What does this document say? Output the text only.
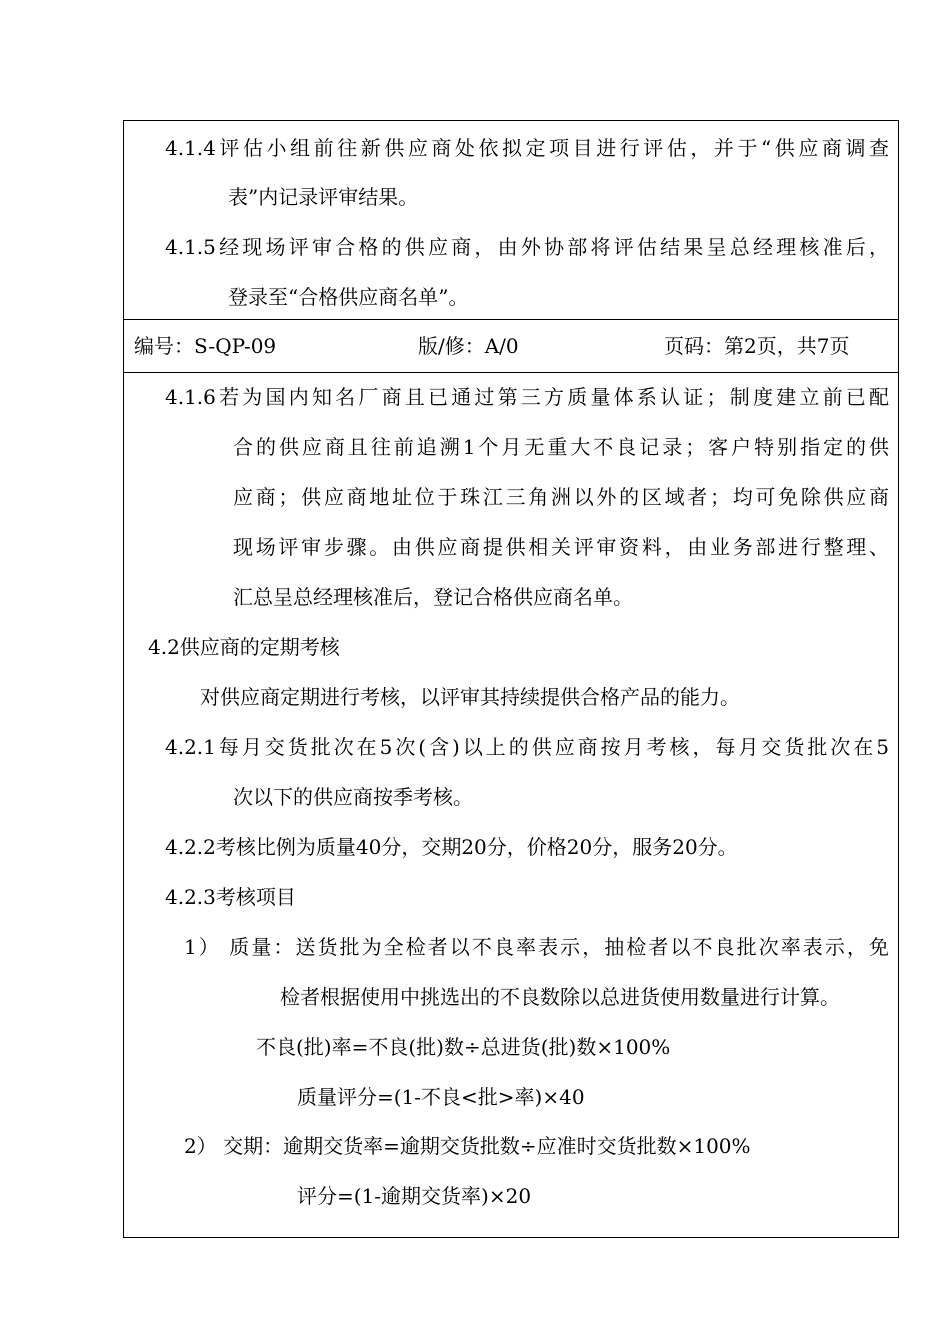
4.1.4评估小组前往新供应商处依拟定项目进行评估，并于“供应商调查
表”内记录评审结果。
4.1.5经现场评审合格的供应商，由外协部将评估结果呈总经理核准后，
登录至“合格供应商名单”。
编号：S-QP-09	版/修：A/0	页码：第2页，共7页
4.1.6若为国内知名厂商且已通过第三方质量体系认证；制度建立前已配
合的供应商且往前追溯1个月无重大不良记录；客户特别指定的供
应商；供应商地址位于珠江三角洲以外的区域者；均可免除供应商
现场评审步骤。由供应商提供相关评审资料，由业务部进行整理、
汇总呈总经理核准后，登记合格供应商名单。
4.2供应商的定期考核
对供应商定期进行考核，以评审其持续提供合格产品的能力。
4.2.1每月交货批次在5次(含)以上的供应商按月考核，每月交货批次在5
次以下的供应商按季考核。
4.2.2考核比例为质量40分，交期20分，价格20分，服务20分。
4.2.3考核项目
1） 质量：送货批为全检者以不良率表示，抽检者以不良批次率表示，免
检者根据使用中挑选出的不良数除以总进货使用数量进行计算。
不良(批)率=不良(批)数÷总进货(批)数×100%
质量评分=(1-不良<批>率)×40
2） 交期：逾期交货率=逾期交货批数÷应准时交货批数×100%
评分=(1-逾期交货率)×20
